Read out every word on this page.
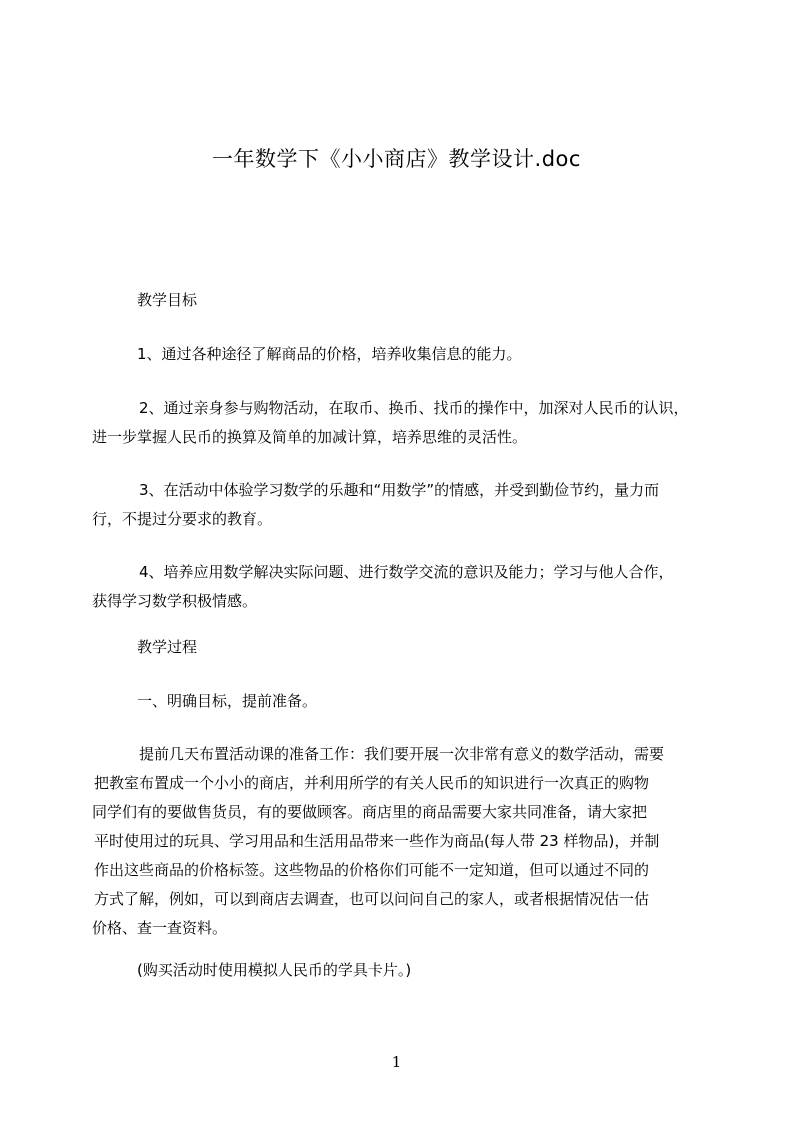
一年数学下《小小商店》教学设计.doc
教学目标
1、通过各种途径了解商品的价格，培养收集信息的能力。
2、通过亲身参与购物活动，在取币、换币、找币的操作中，加深对人民币的认识，
进一步掌握人民币的换算及简单的加减计算，培养思维的灵活性。
3、在活动中体验学习数学的乐趣和“用数学”的情感，并受到勤俭节约，量力而
行，不提过分要求的教育。
4、培养应用数学解决实际问题、进行数学交流的意识及能力；学习与他人合作，
获得学习数学积极情感。
教学过程
一、明确目标，提前准备。
提前几天布置活动课的准备工作：我们要开展一次非常有意义的数学活动，需要
把教室布置成一个小小的商店，并利用所学的有关人民币的知识进行一次真正的购物
同学们有的要做售货员，有的要做顾客。商店里的商品需要大家共同准备，请大家把
平时使用过的玩具、学习用品和生活用品带来一些作为商品(每人带 23 样物品)，并制
作出这些商品的价格标签。这些物品的价格你们可能不一定知道，但可以通过不同的
方式了解，例如，可以到商店去调查，也可以问问自己的家人，或者根据情况估一估
价格、查一查资料。
(购买活动时使用模拟人民币的学具卡片。)
1
